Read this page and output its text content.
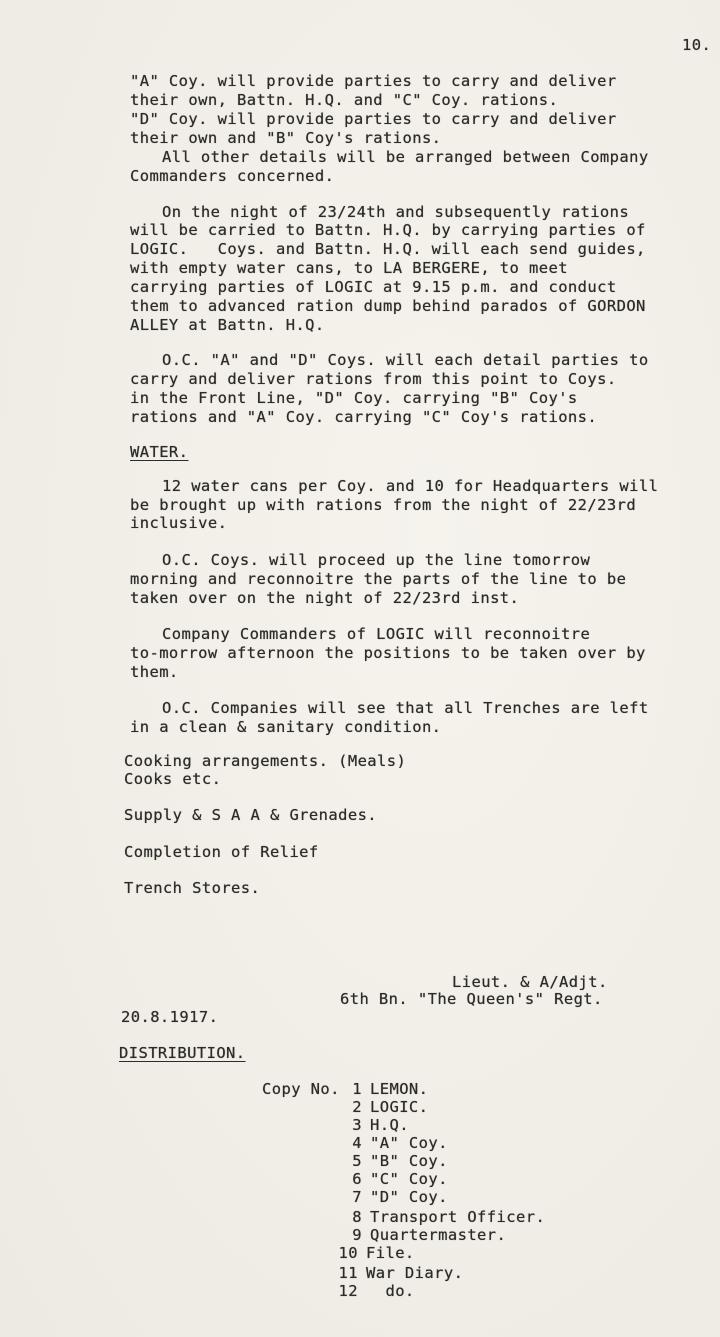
10.
"A" Coy. will provide parties to carry and deliver
their own, Battn. H.Q. and "C" Coy. rations.
"D" Coy. will provide parties to carry and deliver
their own and "B" Coy's rations.
All other details will be arranged between Company
Commanders concerned.
On the night of 23/24th and subsequently rations
will be carried to Battn. H.Q. by carrying parties of
LOGIC.   Coys. and Battn. H.Q. will each send guides,
with empty water cans, to LA BERGERE, to meet
carrying parties of LOGIC at 9.15 p.m. and conduct
them to advanced ration dump behind parados of GORDON
ALLEY at Battn. H.Q.
O.C. "A" and "D" Coys. will each detail parties to
carry and deliver rations from this point to Coys.
in the Front Line, "D" Coy. carrying "B" Coy's
rations and "A" Coy. carrying "C" Coy's rations.
WATER.
12 water cans per Coy. and 10 for Headquarters will
be brought up with rations from the night of 22/23rd
inclusive.
O.C. Coys. will proceed up the line tomorrow
morning and reconnoitre the parts of the line to be
taken over on the night of 22/23rd inst.
Company Commanders of LOGIC will reconnoitre
to-morrow afternoon the positions to be taken over by
them.
O.C. Companies will see that all Trenches are left
in a clean & sanitary condition.
Cooking arrangements. (Meals)
Cooks etc.
Supply & S A A & Grenades.
Completion of Relief
Trench Stores.
Lieut. & A/Adjt.
6th Bn. "The Queen's" Regt.
20.8.1917.
DISTRIBUTION.
Copy No. 1 LEMON.
2 LOGIC.
3 H.Q.
4 "A" Coy.
5 "B" Coy.
6 "C" Coy.
7 "D" Coy.
8 Transport Officer.
9 Quartermaster.
10 File.
11 War Diary.
12 do.
